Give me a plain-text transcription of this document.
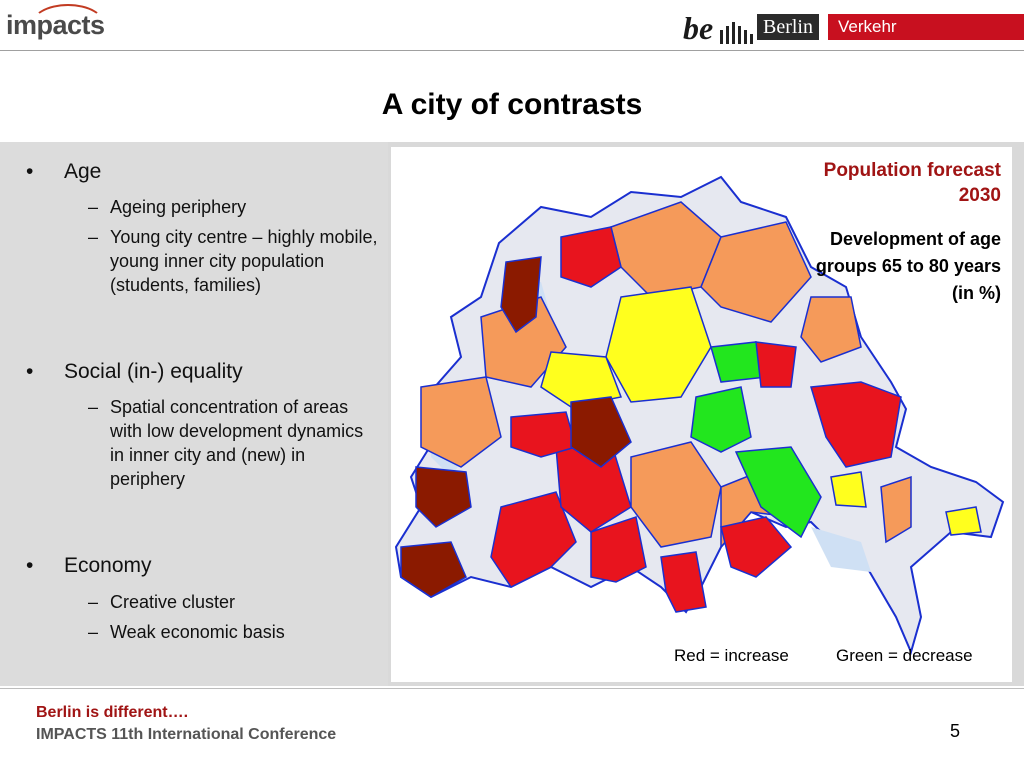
impacts	be	Berlin	Verkehr
A city of contrasts
• Age
– Ageing periphery
– Young city centre – highly mobile, young inner city population (students, families)
• Social (in-) equality
– Spatial concentration of areas with low development dynamics in inner city and (new) in periphery
• Economy
– Creative cluster
– Weak economic basis
Population forecast 2030
Development of age groups 65 to 80 years (in %)
Red = increase	Green = decrease
Berlin is different….
IMPACTS 11th International Conference	5
